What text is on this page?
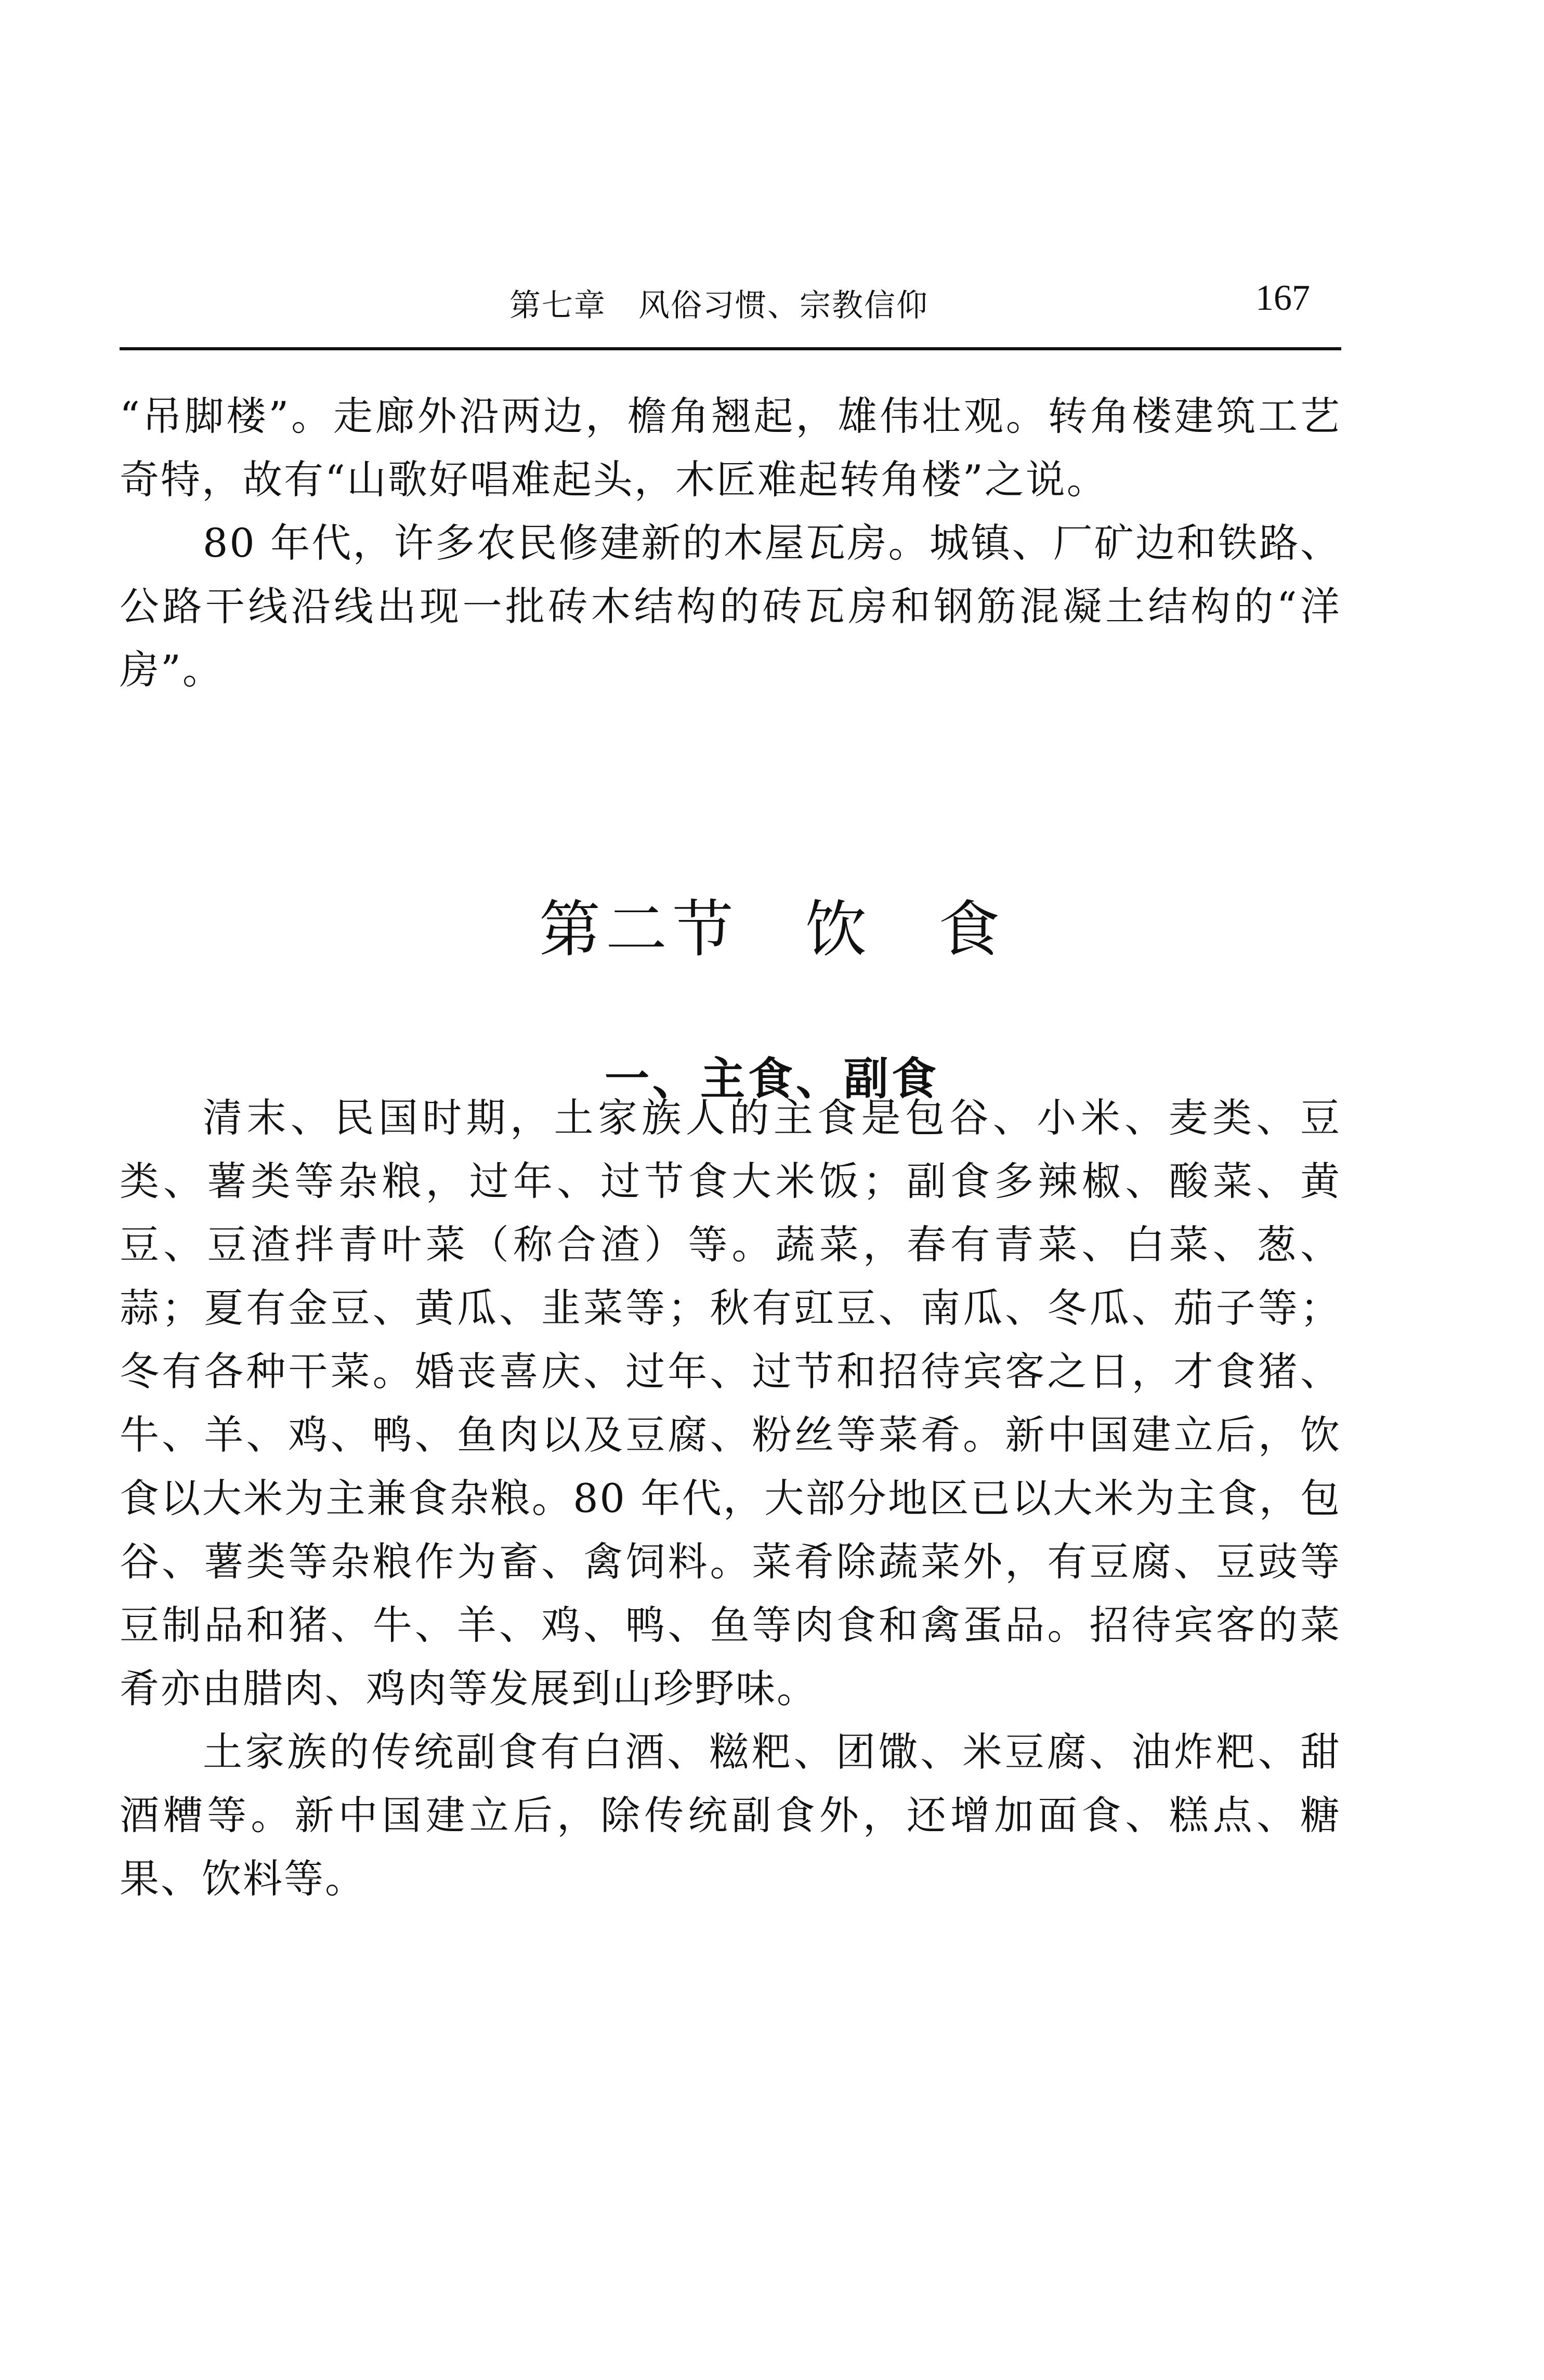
第七章　风俗习惯、宗教信仰	167

“吊脚楼”。走廊外沿两边，檐角翘起，雄伟壮观。转角楼建筑工艺奇特，故有“山歌好唱难起头，木匠难起转角楼”之说。

80 年代，许多农民修建新的木屋瓦房。城镇、厂矿边和铁路、公路干线沿线出现一批砖木结构的砖瓦房和钢筋混凝土结构的“洋房”。

第二节　饮　食
一、主食、副食

清末、民国时期，土家族人的主食是包谷、小米、麦类、豆类、薯类等杂粮，过年、过节食大米饭；副食多辣椒、酸菜、黄豆、豆渣拌青叶菜（称合渣）等。蔬菜，春有青菜、白菜、葱、蒜；夏有金豆、黄瓜、韭菜等；秋有豇豆、南瓜、冬瓜、茄子等；冬有各种干菜。婚丧喜庆、过年、过节和招待宾客之日，才食猪、牛、羊、鸡、鸭、鱼肉以及豆腐、粉丝等菜肴。新中国建立后，饮食以大米为主兼食杂粮。80 年代，大部分地区已以大米为主食，包谷、薯类等杂粮作为畜、禽饲料。菜肴除蔬菜外，有豆腐、豆豉等豆制品和猪、牛、羊、鸡、鸭、鱼等肉食和禽蛋品。招待宾客的菜肴亦由腊肉、鸡肉等发展到山珍野味。

土家族的传统副食有白酒、糍粑、团馓、米豆腐、油炸粑、甜酒糟等。新中国建立后，除传统副食外，还增加面食、糕点、糖果、饮料等。
